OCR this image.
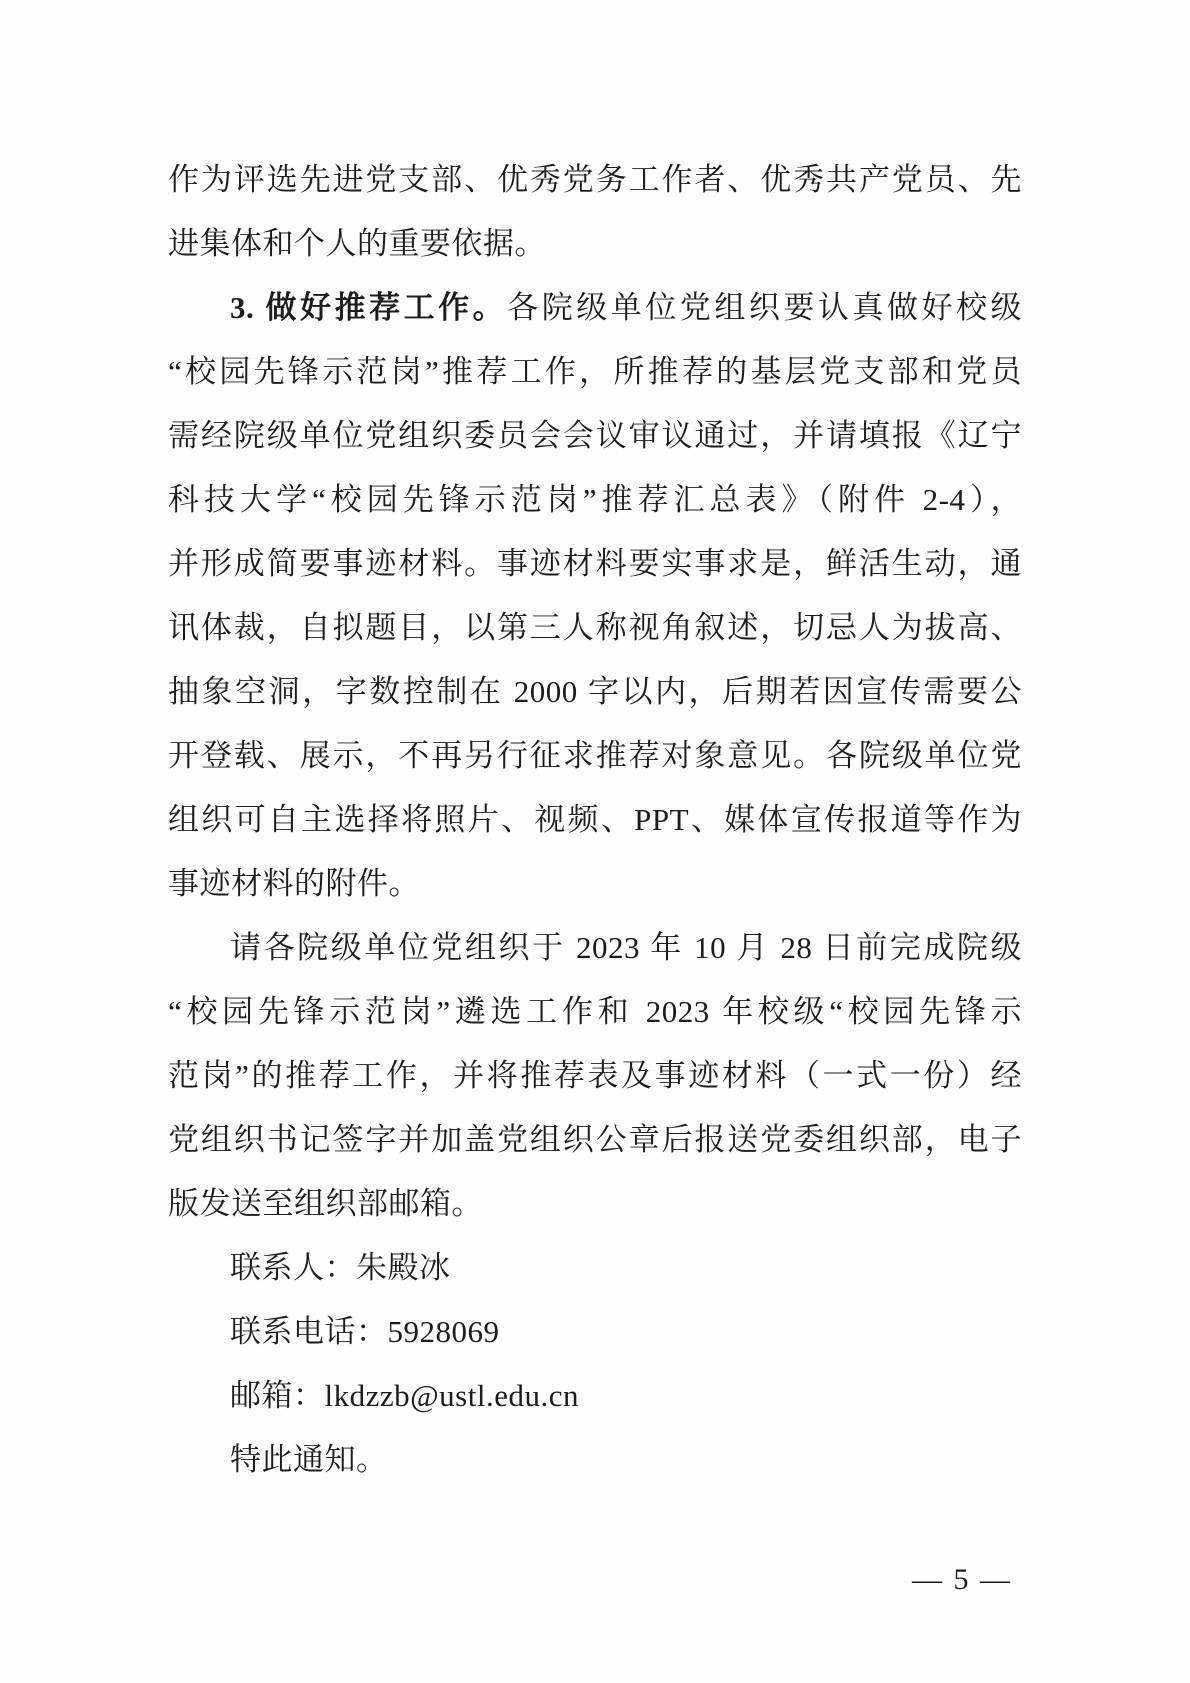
作为评选先进党支部、优秀党务工作者、优秀共产党员、先
进集体和个人的重要依据。
3. 做好推荐工作。各院级单位党组织要认真做好校级
“校园先锋示范岗”推荐工作，所推荐的基层党支部和党员
需经院级单位党组织委员会会议审议通过，并请填报《辽宁
科技大学“校园先锋示范岗”推荐汇总表》（附件 2-4），
并形成简要事迹材料。事迹材料要实事求是，鲜活生动，通
讯体裁，自拟题目，以第三人称视角叙述，切忌人为拔高、
抽象空洞，字数控制在 2000 字以内，后期若因宣传需要公
开登载、展示，不再另行征求推荐对象意见。各院级单位党
组织可自主选择将照片、视频、PPT、媒体宣传报道等作为
事迹材料的附件。
请各院级单位党组织于 2023 年 10 月 28 日前完成院级
“校园先锋示范岗”遴选工作和 2023 年校级“校园先锋示
范岗”的推荐工作，并将推荐表及事迹材料（一式一份）经
党组织书记签字并加盖党组织公章后报送党委组织部，电子
版发送至组织部邮箱。
联系人：朱殿冰
联系电话：5928069
邮箱：lkdzzb@ustl.edu.cn
特此通知。
— 5 —
